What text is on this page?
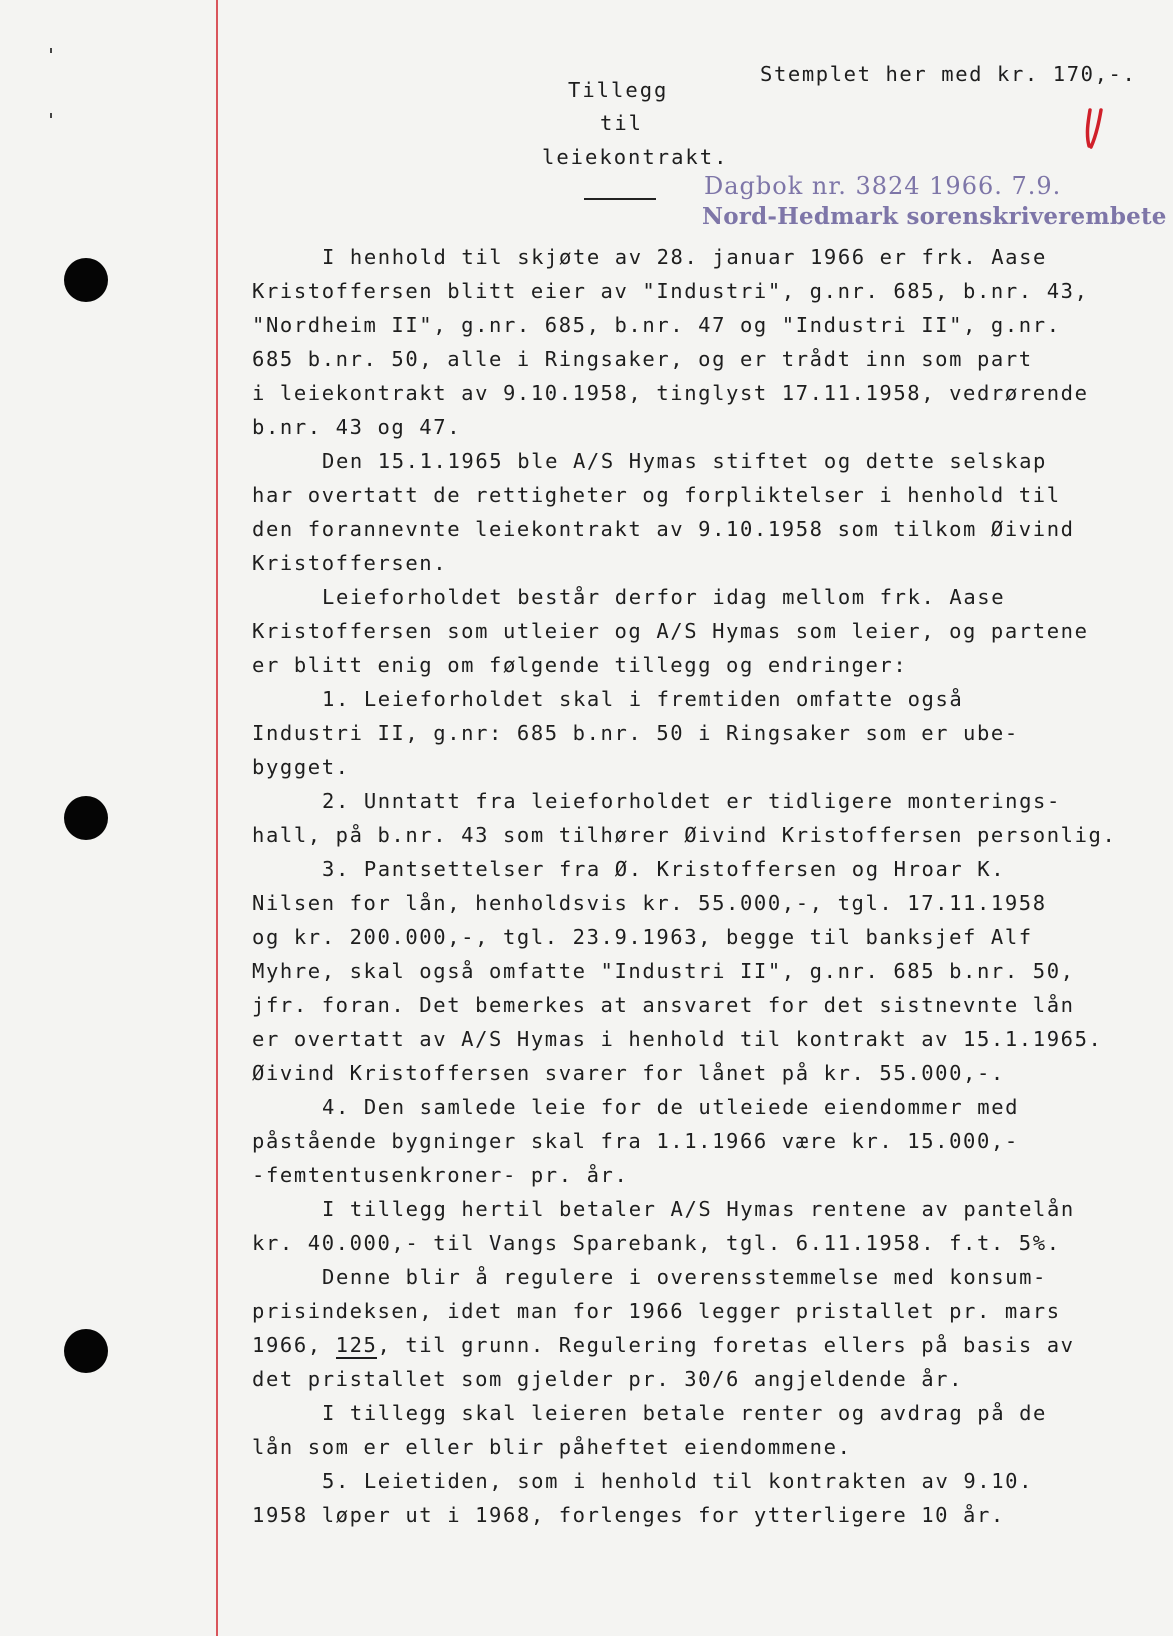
Stemplet her med kr. 170,-.
Tillegg
til
leiekontrakt.
Dagbok nr. 3824 1966. 7.9.
Nord-Hedmark sorenskriverembete
I henhold til skjøte av 28. januar 1966 er frk. Aase
Kristoffersen blitt eier av "Industri", g.nr. 685, b.nr. 43,
"Nordheim II", g.nr. 685, b.nr. 47 og "Industri II", g.nr.
685 b.nr. 50, alle i Ringsaker, og er trådt inn som part
i leiekontrakt av 9.10.1958, tinglyst 17.11.1958, vedrørende
b.nr. 43 og 47.
Den 15.1.1965 ble A/S Hymas stiftet og dette selskap
har overtatt de rettigheter og forpliktelser i henhold til
den forannevnte leiekontrakt av 9.10.1958 som tilkom Øivind
Kristoffersen.
Leieforholdet består derfor idag mellom frk. Aase
Kristoffersen som utleier og A/S Hymas som leier, og partene
er blitt enig om følgende tillegg og endringer:
1. Leieforholdet skal i fremtiden omfatte også
Industri II, g.nr: 685 b.nr. 50 i Ringsaker som er ube-
bygget.
2. Unntatt fra leieforholdet er tidligere monterings-
hall, på b.nr. 43 som tilhører Øivind Kristoffersen personlig.
3. Pantsettelser fra Ø. Kristoffersen og Hroar K.
Nilsen for lån, henholdsvis kr. 55.000,-, tgl. 17.11.1958
og kr. 200.000,-, tgl. 23.9.1963, begge til banksjef Alf
Myhre, skal også omfatte "Industri II", g.nr. 685 b.nr. 50,
jfr. foran. Det bemerkes at ansvaret for det sistnevnte lån
er overtatt av A/S Hymas i henhold til kontrakt av 15.1.1965.
Øivind Kristoffersen svarer for lånet på kr. 55.000,-.
4. Den samlede leie for de utleiede eiendommer med
påstående bygninger skal fra 1.1.1966 være kr. 15.000,-
-femtentusenkroner- pr. år.
I tillegg hertil betaler A/S Hymas rentene av pantelån
kr. 40.000,- til Vangs Sparebank, tgl. 6.11.1958. f.t. 5%.
Denne blir å regulere i overensstemmelse med konsum-
prisindeksen, idet man for 1966 legger pristallet pr. mars
1966, 125, til grunn. Regulering foretas ellers på basis av
det pristallet som gjelder pr. 30/6 angjeldende år.
I tillegg skal leieren betale renter og avdrag på de
lån som er eller blir påheftet eiendommene.
5. Leietiden, som i henhold til kontrakten av 9.10.
1958 løper ut i 1968, forlenges for ytterligere 10 år.
